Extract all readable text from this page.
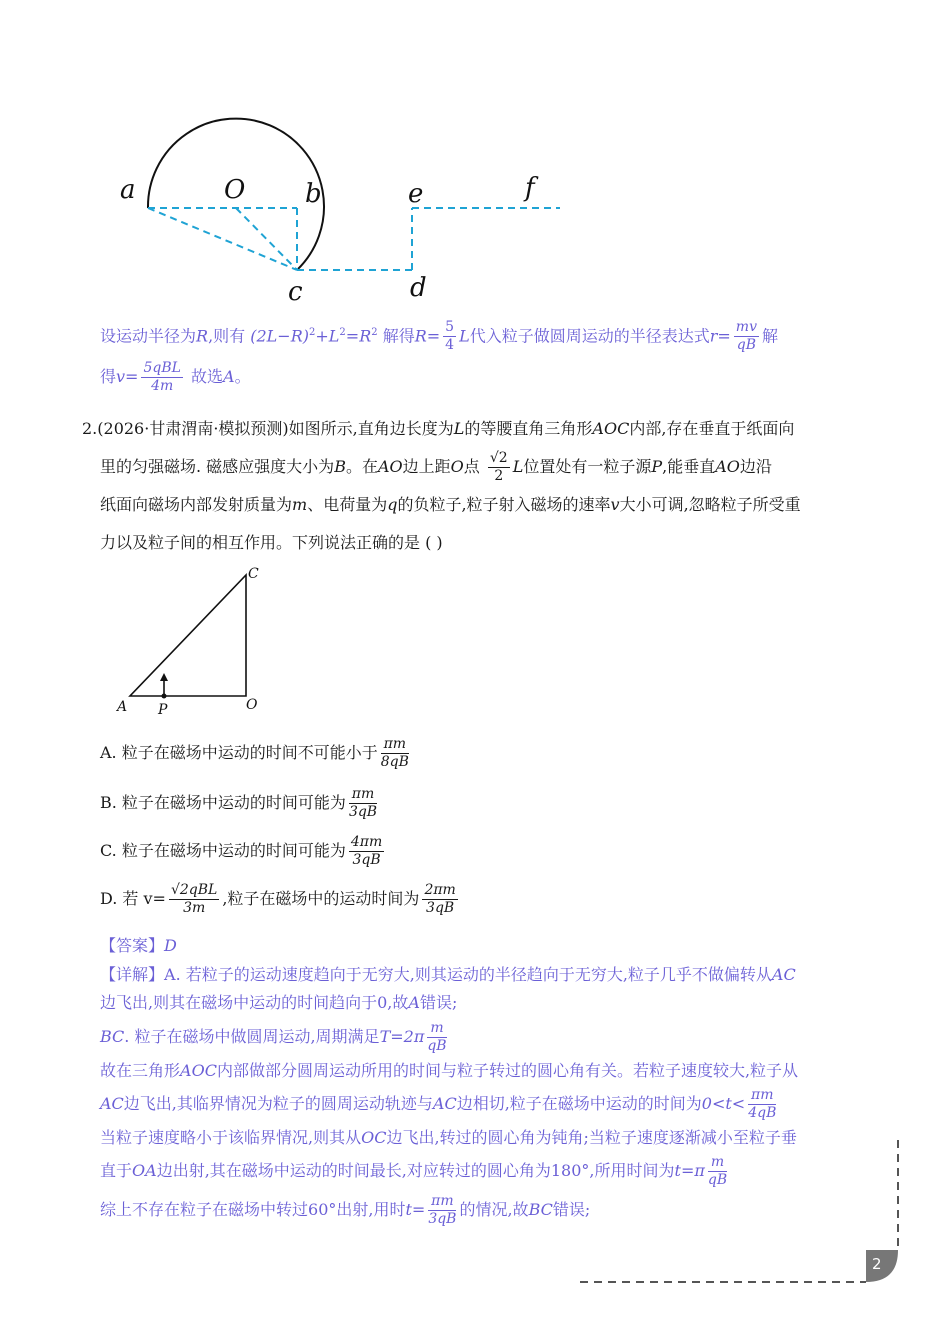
a	O b
c	d
e	f
设运动半径为R,则有 $(2L-R)^2+L^2=R^2$ 解得$R= \frac{5}{4}$ L代入粒子做圆周运动的半径表达式$r= \frac{mv}{qB}$ 解
得$v= \frac{\text{5qBL}}{4m}$ 故选A。
2.(2026·甘肃渭南·模拟预测)如图所示,直角边长度为L的等腰直角三角形AOC内部,存在垂直于纸面向
里的匀强磁场. 磁感应强度大小为B。在AO边上距O点 $\frac{√2}{2}$ L位置处有一粒子源P,能垂直AO边沿
纸面向磁场内部发射质量为m、电荷量为q的负粒子,粒子射入磁场的速率v大小可调,忽略粒子所受重
力以及粒子间的相互作用。下列说法正确的是 ( )
C
A P	O
A. 粒子在磁场中运动的时间不可能小于 $\frac{\pi m}{8qB}$
B. 粒子在磁场中运动的时间可能为 $\frac{\pi m}{3qB}$
C. 粒子在磁场中运动的时间可能为 $\frac{4\pi m}{3qB}$
D. 若 $v= \frac{\text{√2qBL}}{3m}$ ,粒子在磁场中的运动时间为 $\frac{2\pi m}{3qB}$
【答案】D
【详解】A. 若粒子的运动速度趋向于无穷大,则其运动的半径趋向于无穷大,粒子几乎不做偏转从AC
边飞出,则其在磁场中运动的时间趋向于0,故A错误;
BC. 粒子在磁场中做圆周运动,周期满足$T=2\pi \frac{m}{qB}$
故在三角形AOC内部做部分圆周运动所用的时间与粒子转过的圆心角有关。若粒子速度较大,粒子从
AC边飞出,其临界情况为粒子的圆周运动轨迹与AC边相切,粒子在磁场中运动的时间为$0<t< \frac{\pi m}{4qB}$
当粒子速度略小于该临界情况,则其从OC边飞出,转过的圆心角为钝角;当粒子速度逐渐减小至粒子垂
直于OA边出射,其在磁场中运动的时间最长,对应转过的圆心角为180°,所用时间为$t=\pi \frac{m}{qB}$
综上不存在粒子在磁场中转过60°出射,用时$t= \frac{\pi m}{3qB}$ 的情况,故BC错误;
2
